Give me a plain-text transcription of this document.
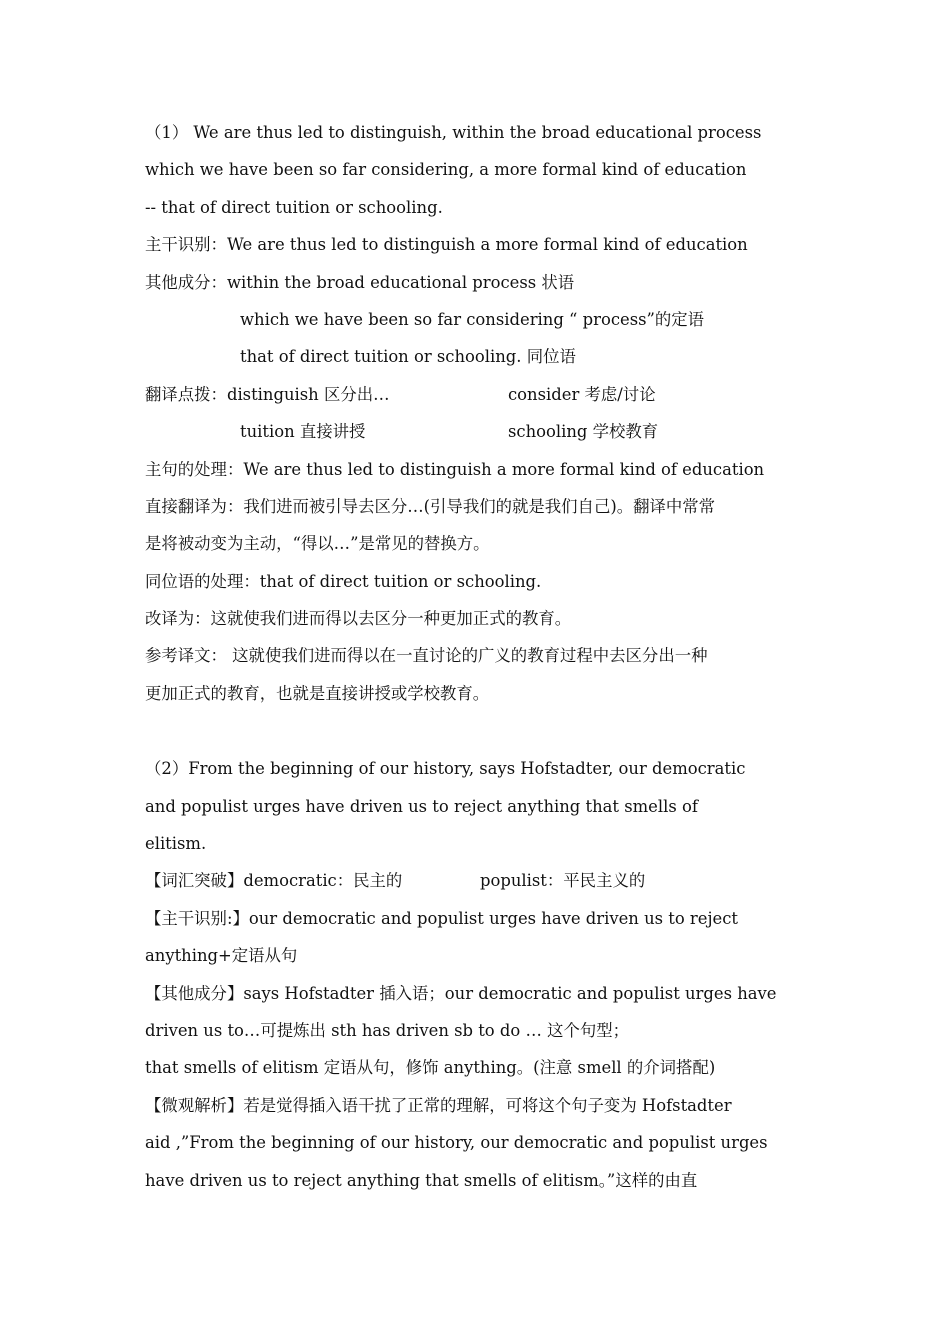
（1） We are thus led to distinguish, within the broad educational process
which we have been so far considering, a more formal kind of education
-- that of direct tuition or schooling.
主干识别：We are thus led to distinguish a more formal kind of education
其他成分：within the broad educational process 状语
which we have been so far considering “ process”的定语
that of direct tuition or schooling. 同位语
翻译点拨：distinguish 区分出…	consider 考虑/讨论
tuition 直接讲授	schooling 学校教育
主句的处理：We are thus led to distinguish a more formal kind of education
直接翻译为：我们进而被引导去区分…(引导我们的就是我们自己)。翻译中常常
是将被动变为主动，“得以…”是常见的替换方。
同位语的处理：that of direct tuition or schooling.
改译为：这就使我们进而得以去区分一种更加正式的教育。
参考译文： 这就使我们进而得以在一直讨论的广义的教育过程中去区分出一种
更加正式的教育，也就是直接讲授或学校教育。
（2）From the beginning of our history, says Hofstadter, our democratic
and populist urges have driven us to reject anything that smells of
elitism.
【词汇突破】democratic：民主的	populist：平民主义的
【主干识别:】our democratic and populist urges have driven us to reject
anything+定语从句
【其他成分】says Hofstadter 插入语；our democratic and populist urges have
driven us to…可提炼出 sth has driven sb to do … 这个句型；
that smells of elitism 定语从句，修饰 anything。(注意 smell 的介词搭配)
【微观解析】若是觉得插入语干扰了正常的理解，可将这个句子变为 Hofstadter
aid ,”From the beginning of our history, our democratic and populist urges
have driven us to reject anything that smells of elitism。”这样的由直
